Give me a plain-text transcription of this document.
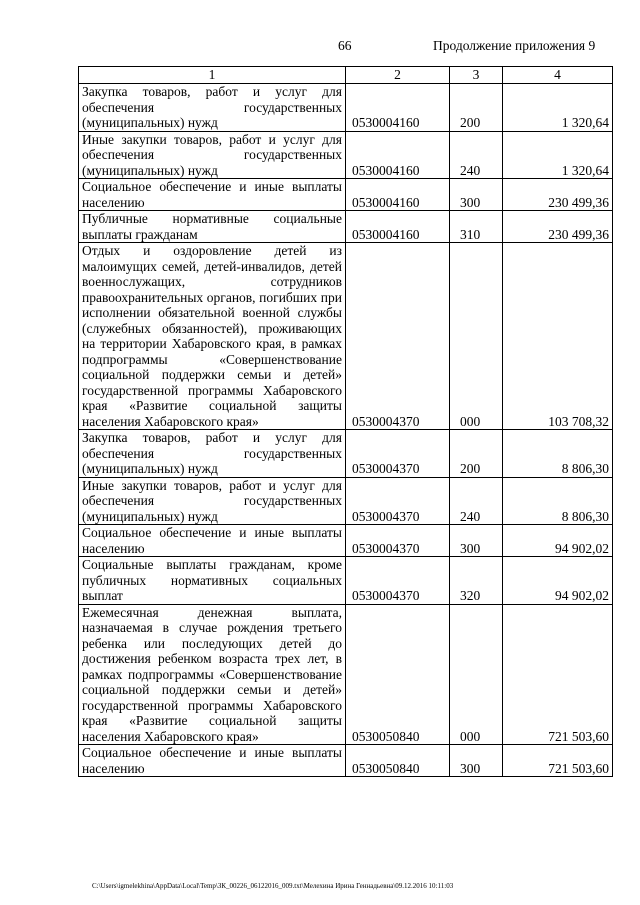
66	Продолжение приложения 9
1	2	3	4
Закупка товаров, работ и услуг для обеспечения государственных (муниципальных) нужд	0530004160	200	1 320,64
Иные закупки товаров, работ и услуг для обеспечения государственных (муниципальных) нужд	0530004160	240	1 320,64
Социальное обеспечение и иные выплаты населению	0530004160	300	230 499,36
Публичные нормативные социальные выплаты гражданам	0530004160	310	230 499,36
Отдых и оздоровление детей из малоимущих семей, детей-инвалидов, детей военнослужащих, сотрудников правоохранительных органов, погибших при исполнении обязательной военной службы (служебных обязанностей), проживающих на территории Хабаровского края, в рамках подпрограммы «Совершенствование социальной поддержки семьи и детей» государственной программы Хабаровского края «Развитие социальной защиты населения Хабаровского края»	0530004370	000	103 708,32
Закупка товаров, работ и услуг для обеспечения государственных (муниципальных) нужд	0530004370	200	8 806,30
Иные закупки товаров, работ и услуг для обеспечения государственных (муниципальных) нужд	0530004370	240	8 806,30
Социальное обеспечение и иные выплаты населению	0530004370	300	94 902,02
Социальные выплаты гражданам, кроме публичных нормативных социальных выплат	0530004370	320	94 902,02
Ежемесячная денежная выплата, назначаемая в случае рождения третьего ребенка или последующих детей до достижения ребенком возраста трех лет, в рамках подпрограммы «Совершенствование социальной поддержки семьи и детей» государственной программы Хабаровского края «Развитие социальной защиты населения Хабаровского края»	0530050840	000	721 503,60
Социальное обеспечение и иные выплаты населению	0530050840	300	721 503,60
C:\Users\igmelekhina\AppData\Local\Temp\ЗК_00226_06122016_009.txt\Мелехина Ирина Геннадьевна\09.12.2016 10:11:03
